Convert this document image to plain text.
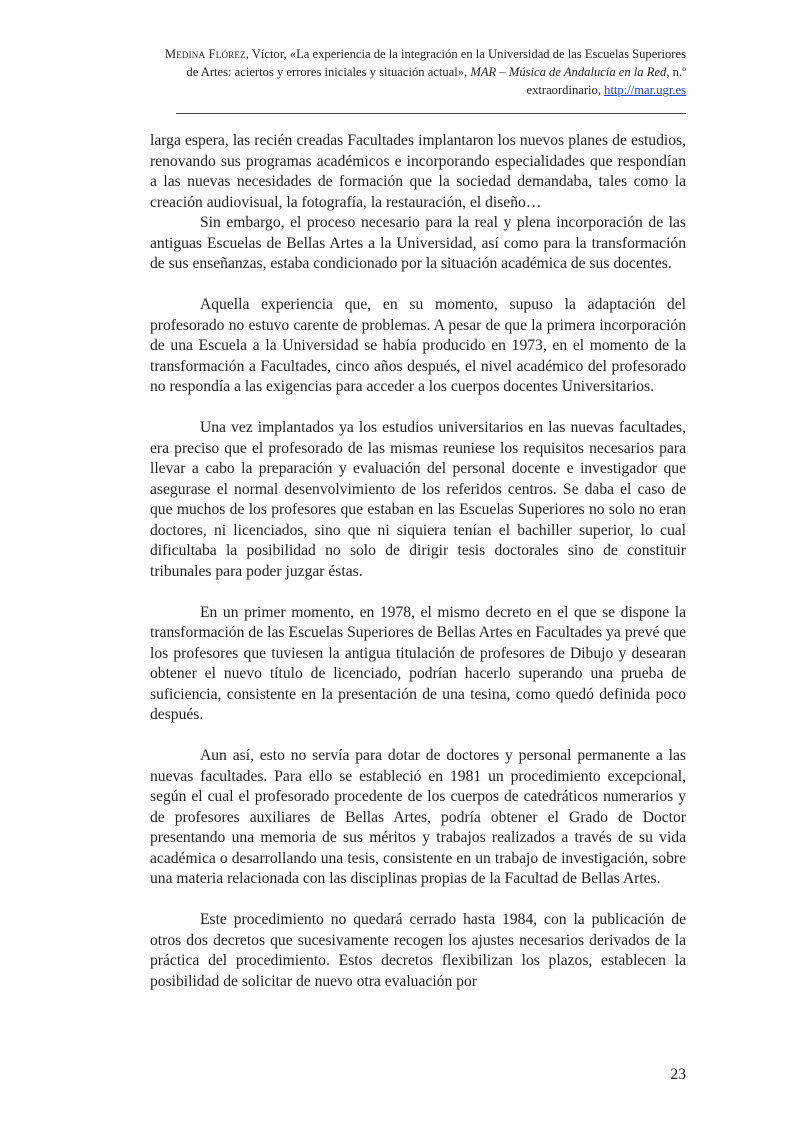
Medina Flórez, Víctor, «La experiencia de la integración en la Universidad de las Escuelas Superiores de Artes: aciertos y errores iniciales y situación actual», MAR – Música de Andalucía en la Red, n.º extraordinario, http://mar.ugr.es

larga espera, las recién creadas Facultades implantaron los nuevos planes de estudios, renovando sus programas académicos e incorporando especialidades que respondían a las nuevas necesidades de formación que la sociedad demandaba, tales como la creación audiovisual, la fotografía, la restauración, el diseño…

Sin embargo, el proceso necesario para la real y plena incorporación de las antiguas Escuelas de Bellas Artes a la Universidad, así como para la transformación de sus enseñanzas, estaba condicionado por la situación académica de sus docentes.

Aquella experiencia que, en su momento, supuso la adaptación del profesorado no estuvo carente de problemas. A pesar de que la primera incorporación de una Escuela a la Universidad se había producido en 1973, en el momento de la transformación a Facultades, cinco años después, el nivel académico del profesorado no respondía a las exigencias para acceder a los cuerpos docentes Universitarios.

Una vez implantados ya los estudios universitarios en las nuevas facultades, era preciso que el profesorado de las mismas reuniese los requisitos necesarios para llevar a cabo la preparación y evaluación del personal docente e investigador que asegurase el normal desenvolvimiento de los referidos centros. Se daba el caso de que muchos de los profesores que estaban en las Escuelas Superiores no solo no eran doctores, ni licenciados, sino que ni siquiera tenían el bachiller superior, lo cual dificultaba la posibilidad no solo de dirigir tesis doctorales sino de constituir tribunales para poder juzgar éstas.

En un primer momento, en 1978, el mismo decreto en el que se dispone la transformación de las Escuelas Superiores de Bellas Artes en Facultades ya prevé que los profesores que tuviesen la antigua titulación de profesores de Dibujo y desearan obtener el nuevo título de licenciado, podrían hacerlo superando una prueba de suficiencia, consistente en la presentación de una tesina, como quedó definida poco después.

Aun así, esto no servía para dotar de doctores y personal permanente a las nuevas facultades. Para ello se estableció en 1981 un procedimiento excepcional, según el cual el profesorado procedente de los cuerpos de catedráticos numerarios y de profesores auxiliares de Bellas Artes, podría obtener el Grado de Doctor presentando una memoria de sus méritos y trabajos realizados a través de su vida académica o desarrollando una tesis, consistente en un trabajo de investigación, sobre una materia relacionada con las disciplinas propias de la Facultad de Bellas Artes.

Este procedimiento no quedará cerrado hasta 1984, con la publicación de otros dos decretos que sucesivamente recogen los ajustes necesarios derivados de la práctica del procedimiento. Estos decretos flexibilizan los plazos, establecen la posibilidad de solicitar de nuevo otra evaluación por

23
